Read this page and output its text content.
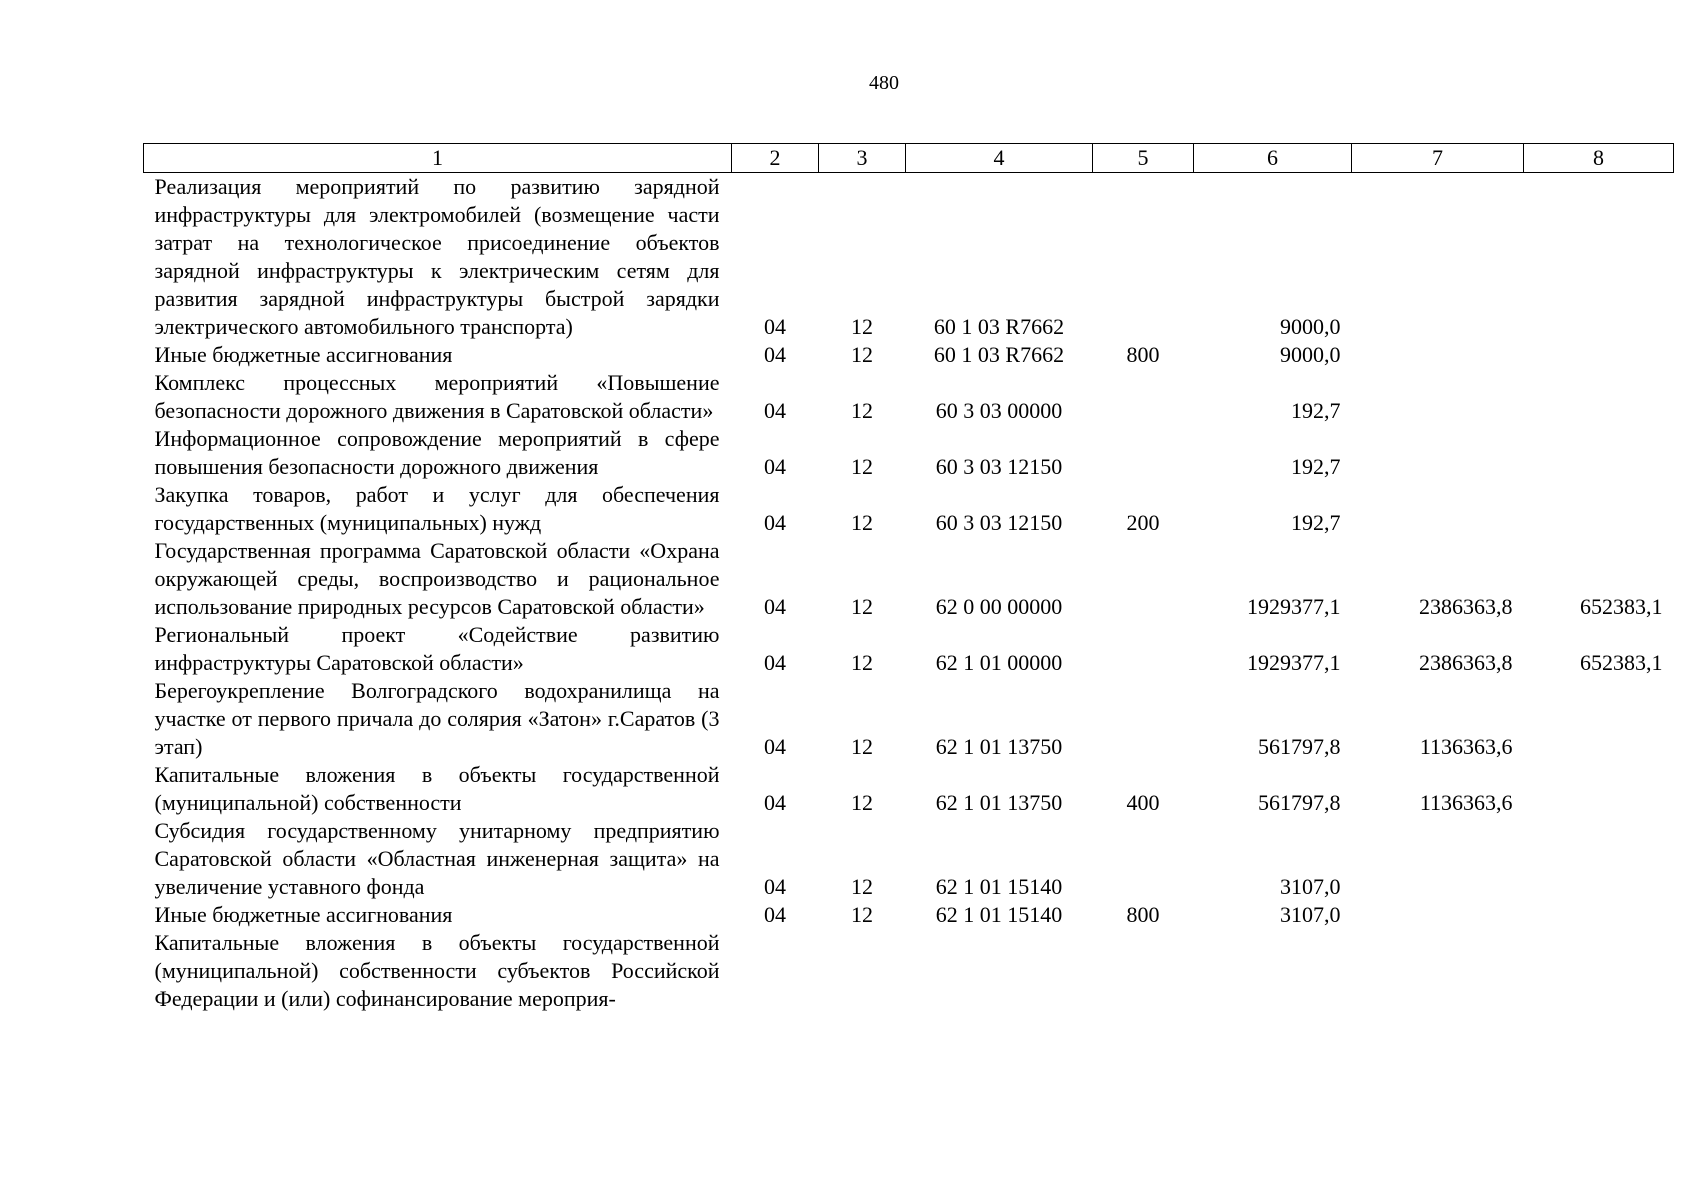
480
1	2	3	4	5	6	7	8
Реализация мероприятий по развитию зарядной инфраструктуры для электромобилей (возмещение части затрат на технологическое присоединение объектов зарядной инфраструктуры к электрическим сетям для развития зарядной инфраструктуры быстрой зарядки электрического автомобильного транспорта)	04	12	60 1 03 R7662		9000,0		
Иные бюджетные ассигнования	04	12	60 1 03 R7662	800	9000,0		
Комплекс процессных мероприятий «Повышение безопасности дорожного движения в Саратовской области»	04	12	60 3 03 00000		192,7		
Информационное сопровождение мероприятий в сфере повышения безопасности дорожного движения	04	12	60 3 03 12150		192,7		
Закупка товаров, работ и услуг для обеспечения государственных (муниципальных) нужд	04	12	60 3 03 12150	200	192,7		
Государственная программа Саратовской области «Охрана окружающей среды, воспроизводство и рациональное использование природных ресурсов Саратовской области»	04	12	62 0 00 00000		1929377,1	2386363,8	652383,1
Региональный проект «Содействие развитию инфраструктуры Саратовской области»	04	12	62 1 01 00000		1929377,1	2386363,8	652383,1
Берегоукрепление Волгоградского водохранилища на участке от первого причала до солярия «Затон» г.Саратов (3 этап)	04	12	62 1 01 13750		561797,8	1136363,6	
Капитальные вложения в объекты государственной (муниципальной) собственности	04	12	62 1 01 13750	400	561797,8	1136363,6	
Субсидия государственному унитарному предприятию Саратовской области «Областная инженерная защита» на увеличение уставного фонда	04	12	62 1 01 15140		3107,0		
Иные бюджетные ассигнования	04	12	62 1 01 15140	800	3107,0		
Капитальные вложения в объекты государственной (муниципальной) собственности субъектов Российской Федерации и (или) софинансирование мероприя-							
